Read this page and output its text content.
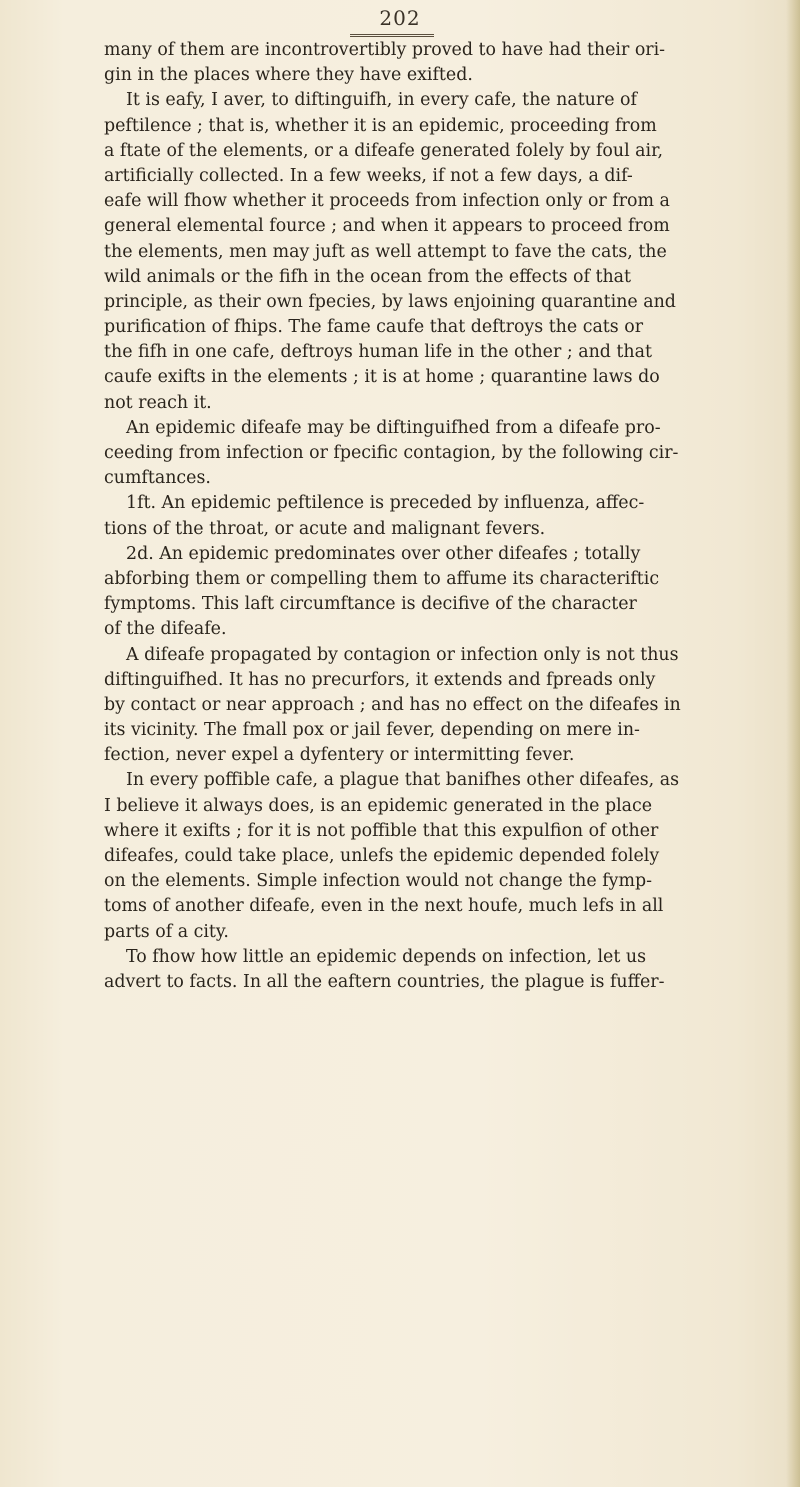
202
many of them are incontrovertibly proved to have had their ori-
gin in the places where they have exifted.
It is eafy, I aver, to diftinguifh, in every cafe, the nature of
peftilence ; that is, whether it is an epidemic, proceeding from
a ftate of the elements, or a difeafe generated folely by foul air,
artificially collected. In a few weeks, if not a few days, a dif-
eafe will fhow whether it proceeds from infection only or from a
general elemental fource ; and when it appears to proceed from
the elements, men may juft as well attempt to fave the cats, the
wild animals or the fifh in the ocean from the effects of that
principle, as their own fpecies, by laws enjoining quarantine and
purification of fhips. The fame caufe that deftroys the cats or
the fifh in one cafe, deftroys human life in the other ; and that
caufe exifts in the elements ; it is at home ; quarantine laws do
not reach it.
An epidemic difeafe may be diftinguifhed from a difeafe pro-
ceeding from infection or fpecific contagion, by the following cir-
cumftances.
1ft. An epidemic peftilence is preceded by influenza, affec-
tions of the throat, or acute and malignant fevers.
2d. An epidemic predominates over other difeafes ; totally
abforbing them or compelling them to affume its characteriftic
fymptoms. This laft circumftance is decifive of the character
of the difeafe.
A difeafe propagated by contagion or infection only is not thus
diftinguifhed. It has no precurfors, it extends and fpreads only
by contact or near approach ; and has no effect on the difeafes in
its vicinity. The fmall pox or jail fever, depending on mere in-
fection, never expel a dyfentery or intermitting fever.
In every poffible cafe, a plague that banifhes other difeafes, as
I believe it always does, is an epidemic generated in the place
where it exifts ; for it is not poffible that this expulfion of other
difeafes, could take place, unlefs the epidemic depended folely
on the elements. Simple infection would not change the fymp-
toms of another difeafe, even in the next houfe, much lefs in all
parts of a city.
To fhow how little an epidemic depends on infection, let us
advert to facts. In all the eaftern countries, the plague is fuffer-
